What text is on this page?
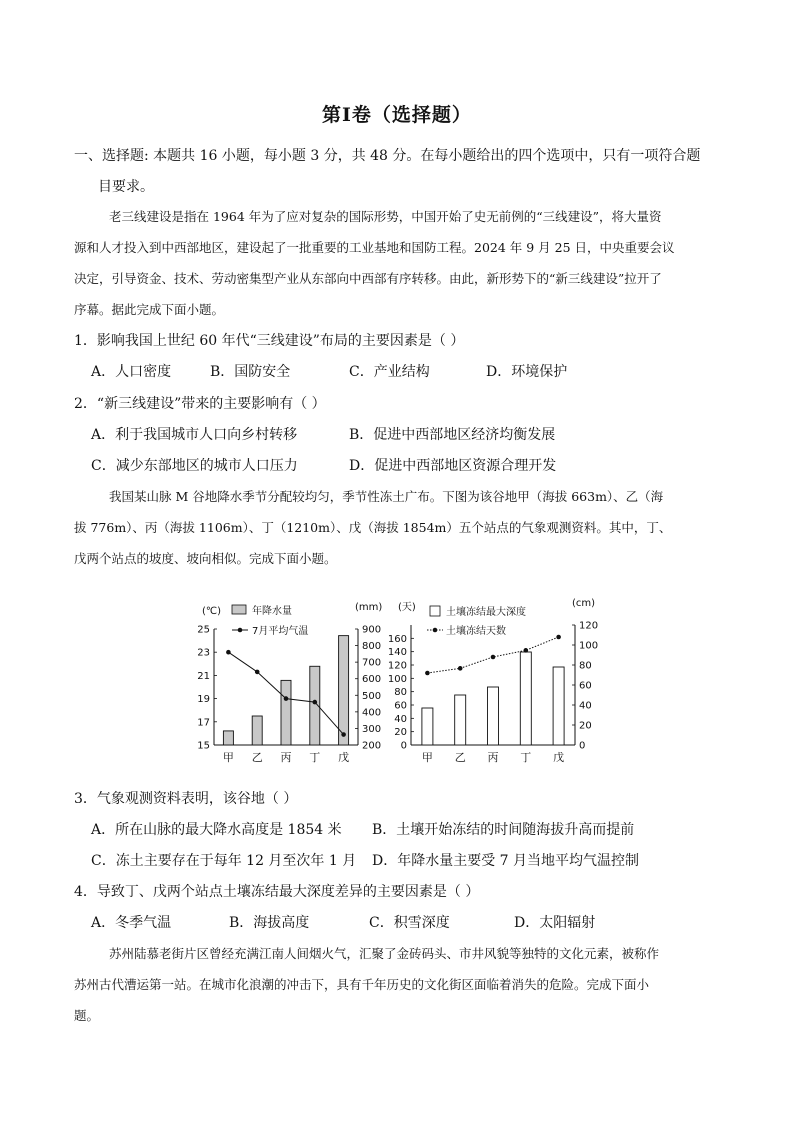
第Ⅰ卷（选择题）
一、选择题: 本题共 16 小题，每小题 3 分，共 48 分。在每小题给出的四个选项中，只有一项符合题
目要求。
老三线建设是指在 1964 年为了应对复杂的国际形势，中国开始了史无前例的“三线建设”，将大量资
源和人才投入到中西部地区，建设起了一批重要的工业基地和国防工程。2024 年 9 月 25 日，中央重要会议
决定，引导资金、技术、劳动密集型产业从东部向中西部有序转移。由此，新形势下的“新三线建设”拉开了
序幕。据此完成下面小题。
1．影响我国上世纪 60 年代“三线建设”布局的主要因素是（ ）
A．人口密度	B．国防安全	C．产业结构	D．环境保护
2．“新三线建设”带来的主要影响有（ ）
A．利于我国城市人口向乡村转移	B．促进中西部地区经济均衡发展
C．减少东部地区的城市人口压力	D．促进中西部地区资源合理开发
我国某山脉 M 谷地降水季节分配较均匀，季节性冻土广布。下图为该谷地甲（海拔 663m）、乙（海
拔 776m）、丙（海拔 1106m）、丁（1210m）、戊（海拔 1854m）五个站点的气象观测资料。其中，丁、
戊两个站点的坡度、坡向相似。完成下面小题。
(℃)	(mm)
年降水量
7月平均气温
25
23
21
19
17
15
900
800
700
600
500
400
300
200
甲 乙 丙 丁 戊
(天)	(cm)
土壤冻结最大深度
土壤冻结天数
160
140
120
100
80
60
40
20
0
120
100
80
60
40
20
0
甲 乙 丙 丁 戊
3．气象观测资料表明，该谷地（ ）
A．所在山脉的最大降水高度是 1854 米 B．土壤开始冻结的时间随海拔升高而提前
C．冻土主要存在于每年 12 月至次年 1 月 D．年降水量主要受 7 月当地平均气温控制
4．导致丁、戊两个站点土壤冻结最大深度差异的主要因素是（ ）
A．冬季气温	B．海拔高度	C．积雪深度	D．太阳辐射
苏州陆慕老街片区曾经充满江南人间烟火气，汇聚了金砖码头、市井风貌等独特的文化元素，被称作
苏州古代漕运第一站。在城市化浪潮的冲击下，具有千年历史的文化街区面临着消失的危险。完成下面小
题。
